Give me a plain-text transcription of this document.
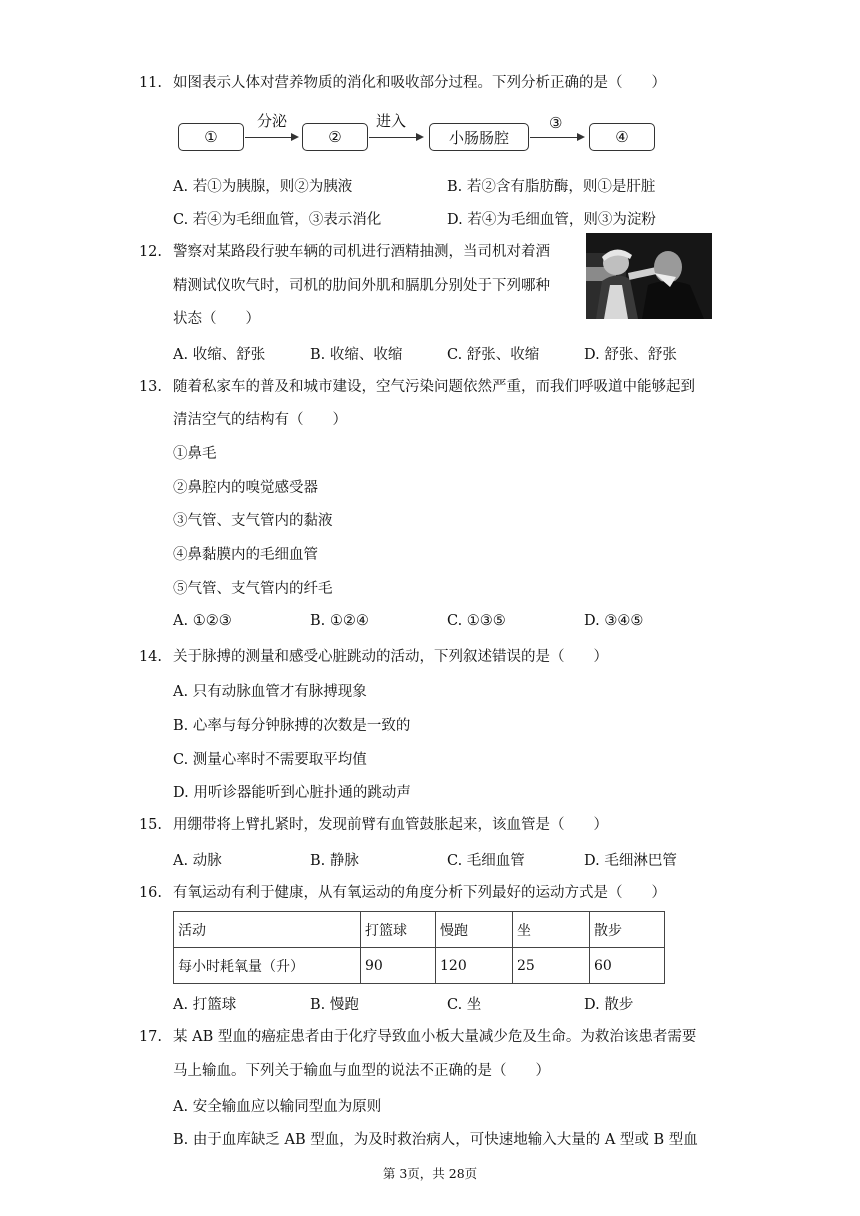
11. 如图表示人体对营养物质的消化和吸收部分过程。下列分析正确的是（　　）
①
分泌
②
进入
小肠肠腔
③
④
A. 若①为胰腺，则②为胰液	B. 若②含有脂肪酶，则①是肝脏
C. 若④为毛细血管，③表示消化	D. 若④为毛细血管，则③为淀粉
12. 警察对某路段行驶车辆的司机进行酒精抽测，当司机对着酒
精测试仪吹气时，司机的肋间外肌和膈肌分别处于下列哪种
状态（　　）
A. 收缩、舒张	B. 收缩、收缩	C. 舒张、收缩	D. 舒张、舒张
13. 随着私家车的普及和城市建设，空气污染问题依然严重，而我们呼吸道中能够起到
清洁空气的结构有（　　）
①鼻毛
②鼻腔内的嗅觉感受器
③气管、支气管内的黏液
④鼻黏膜内的毛细血管
⑤气管、支气管内的纤毛
A. ①②③	B. ①②④	C. ①③⑤	D. ③④⑤
14. 关于脉搏的测量和感受心脏跳动的活动，下列叙述错误的是（　　）
A. 只有动脉血管才有脉搏现象
B. 心率与每分钟脉搏的次数是一致的
C. 测量心率时不需要取平均值
D. 用听诊器能听到心脏扑通的跳动声
15. 用绷带将上臂扎紧时，发现前臂有血管鼓胀起来，该血管是（　　）
A. 动脉	B. 静脉	C. 毛细血管	D. 毛细淋巴管
16. 有氧运动有利于健康，从有氧运动的角度分析下列最好的运动方式是（　　）
活动	打篮球	慢跑	坐	散步
每小时耗氧量（升）	90	120	25	60
A. 打篮球	B. 慢跑	C. 坐	D. 散步
17. 某 AB 型血的癌症患者由于化疗导致血小板大量减少危及生命。为救治该患者需要
马上输血。下列关于输血与血型的说法不正确的是（　　）
A. 安全输血应以输同型血为原则
B. 由于血库缺乏 AB 型血，为及时救治病人，可快速地输入大量的 A 型或 B 型血
第 3页，共 28页
